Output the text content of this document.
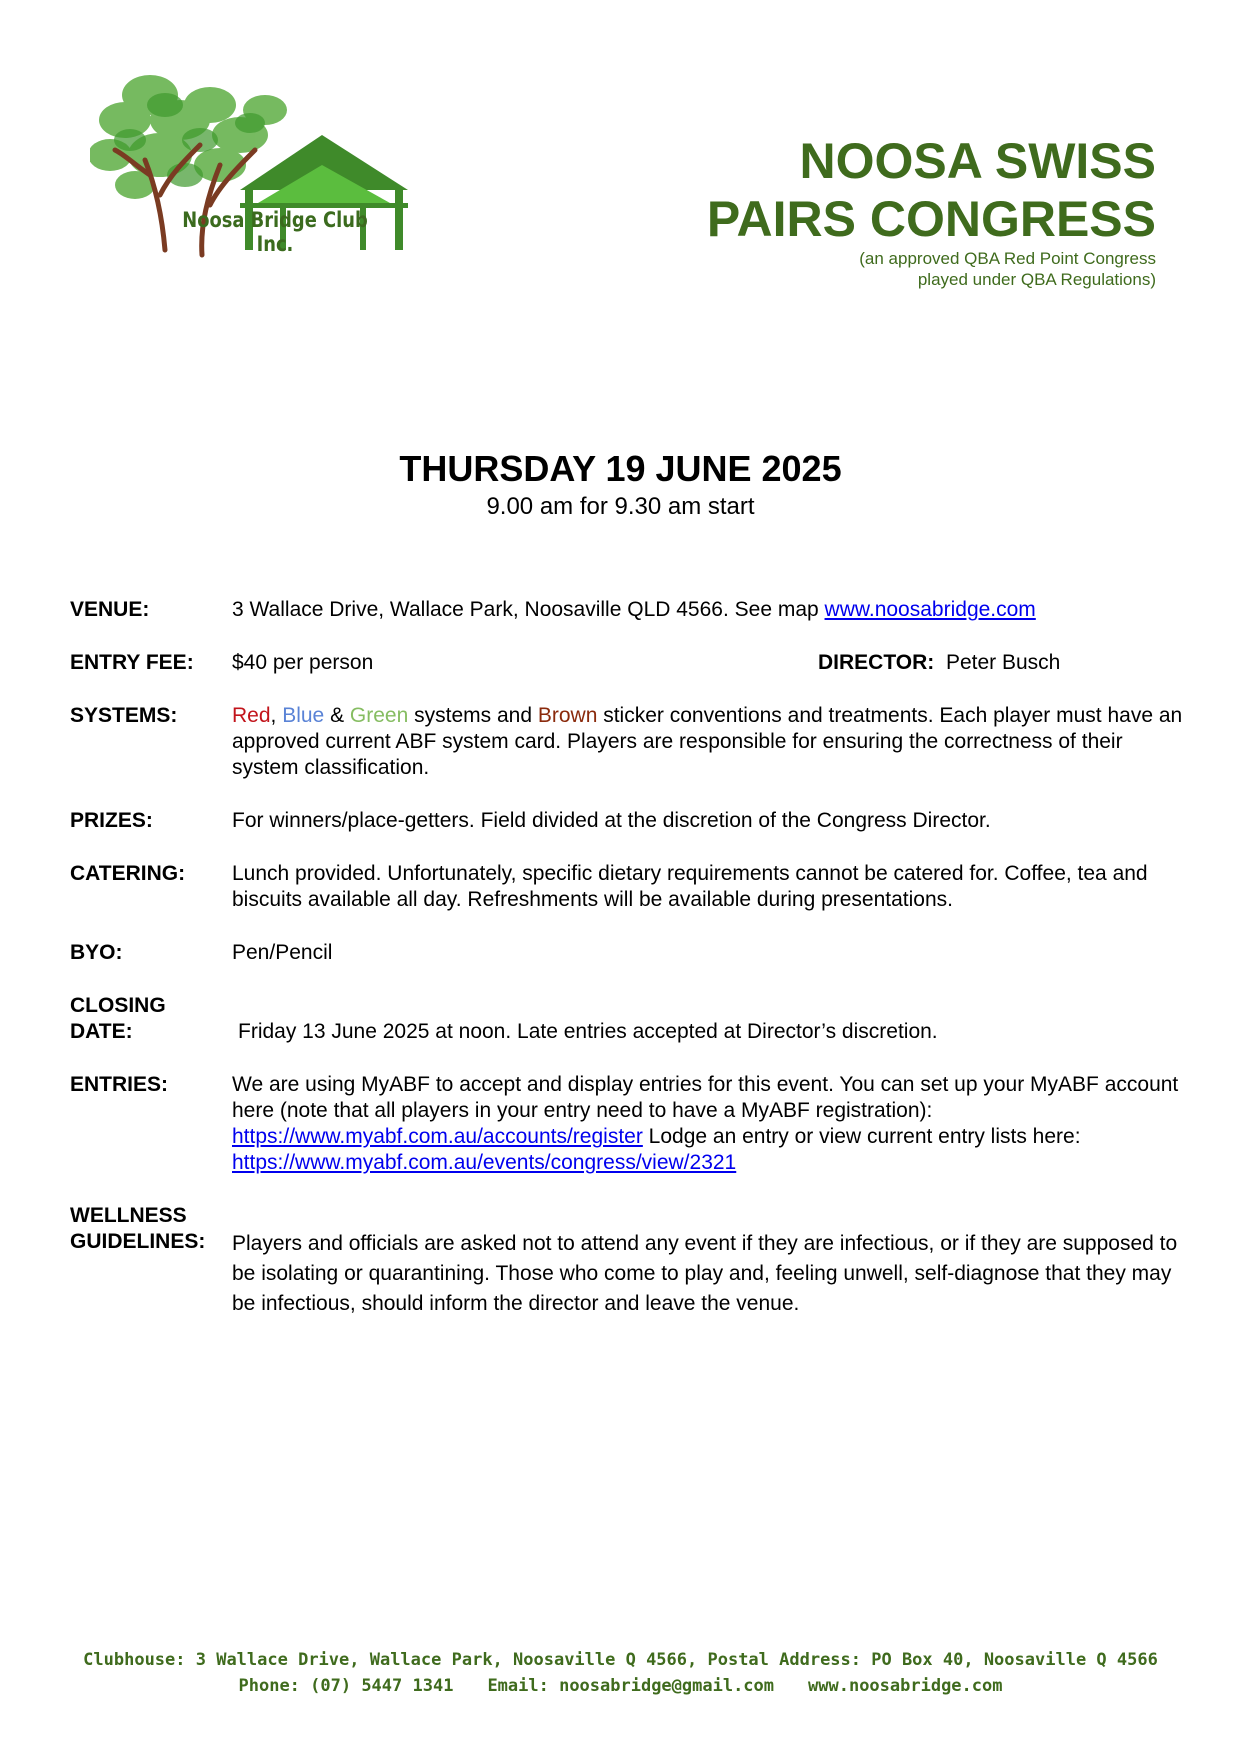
Noosa Bridge Club Inc.
NOOSA SWISS
PAIRS CONGRESS
(an approved QBA Red Point Congress
played under QBA Regulations)
THURSDAY 19 JUNE 2025
9.00 am for 9.30 am start
VENUE:	3 Wallace Drive, Wallace Park, Noosaville QLD 4566. See map www.noosabridge.com
ENTRY FEE:	$40 per person	DIRECTOR: Peter Busch
SYSTEMS:	Red, Blue & Green systems and Brown sticker conventions and treatments. Each player must have an approved current ABF system card. Players are responsible for ensuring the correctness of their system classification.
PRIZES:	For winners/place-getters. Field divided at the discretion of the Congress Director.
CATERING:	Lunch provided. Unfortunately, specific dietary requirements cannot be catered for. Coffee, tea and biscuits available all day. Refreshments will be available during presentations.
BYO:	Pen/Pencil
CLOSING
DATE:	Friday 13 June 2025 at noon. Late entries accepted at Director’s discretion.
ENTRIES:	We are using MyABF to accept and display entries for this event. You can set up your MyABF account here (note that all players in your entry need to have a MyABF registration): https://www.myabf.com.au/accounts/register Lodge an entry or view current entry lists here: https://www.myabf.com.au/events/congress/view/2321
WELLNESS
GUIDELINES:	Players and officials are asked not to attend any event if they are infectious, or if they are supposed to be isolating or quarantining. Those who come to play and, feeling unwell, self-diagnose that they may be infectious, should inform the director and leave the venue.
Clubhouse: 3 Wallace Drive, Wallace Park, Noosaville Q 4566, Postal Address: PO Box 40, Noosaville Q 4566
Phone: (07) 5447 1341 Email: noosabridge@gmail.com www.noosabridge.com
